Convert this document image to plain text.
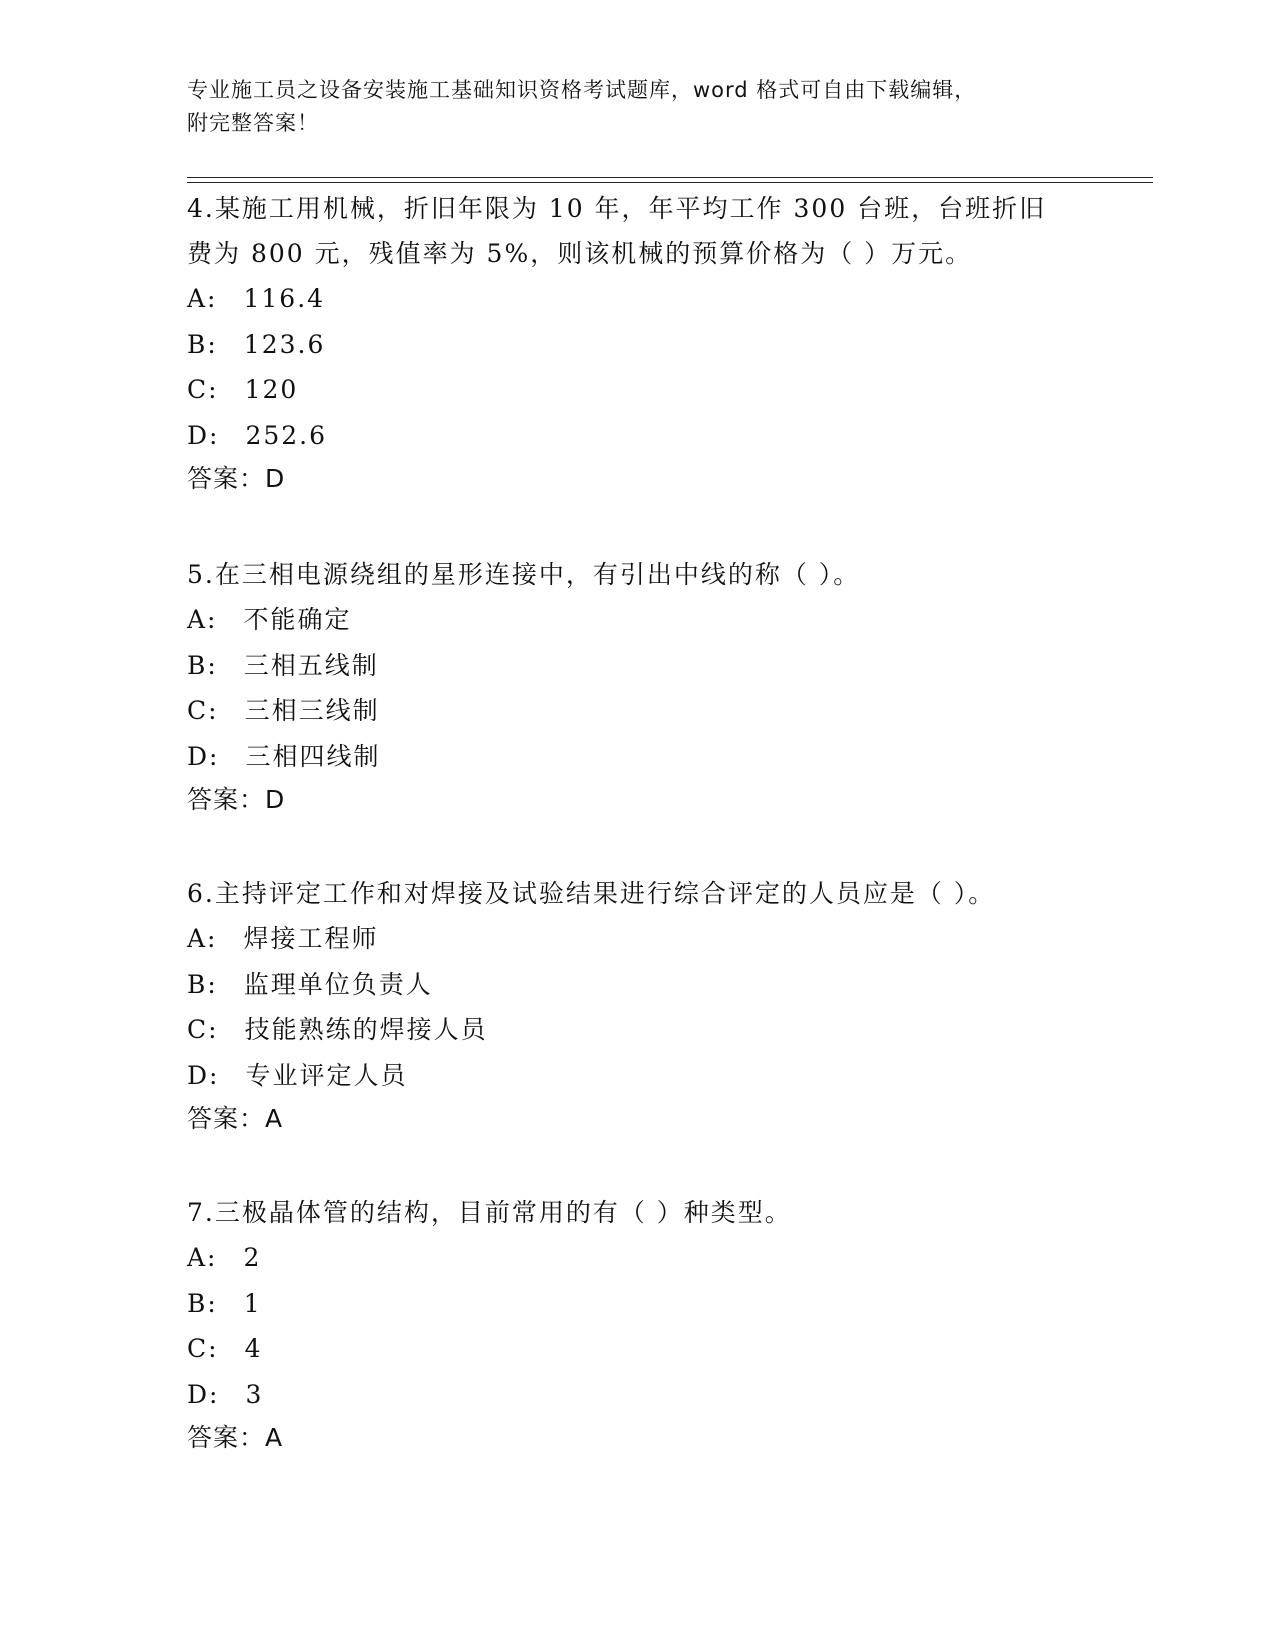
专业施工员之设备安装施工基础知识资格考试题库，word 格式可自由下载编辑，
附完整答案！
4.某施工用机械，折旧年限为 10 年，年平均工作 300 台班，台班折旧
费为 800 元，残值率为 5%，则该机械的预算价格为（ ）万元。
A: 116.4
B: 123.6
C: 120
D: 252.6
答案：D
5.在三相电源绕组的星形连接中，有引出中线的称（ ）。
A: 不能确定
B: 三相五线制
C: 三相三线制
D: 三相四线制
答案：D
6.主持评定工作和对焊接及试验结果进行综合评定的人员应是（ ）。
A: 焊接工程师
B: 监理单位负责人
C: 技能熟练的焊接人员
D: 专业评定人员
答案：A
7.三极晶体管的结构，目前常用的有（ ）种类型。
A: 2
B: 1
C: 4
D: 3
答案：A
